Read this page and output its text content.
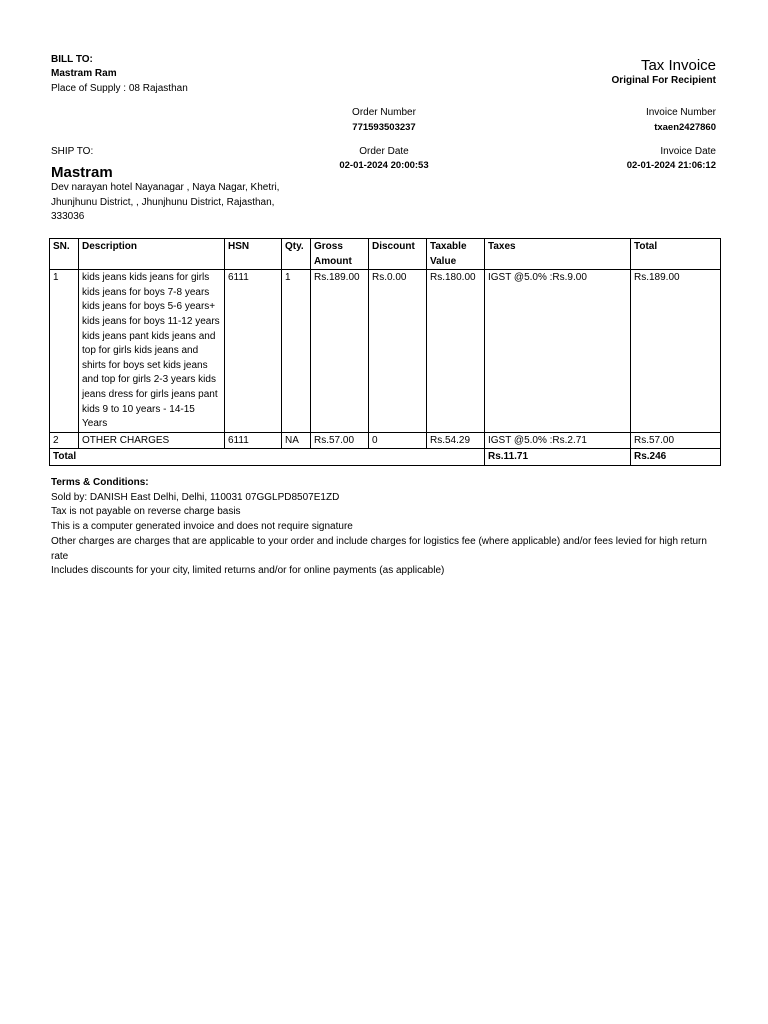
BILL TO:
Mastram Ram
Place of Supply : 08 Rajasthan
Tax Invoice
Original For Recipient
Order Number
771593503237
Invoice Number
txaen2427860
SHIP TO:	Order Date
02-01-2024 20:00:53
Invoice Date
02-01-2024 21:06:12
Mastram
Dev narayan hotel Nayanagar , Naya Nagar, Khetri, Jhunjhunu District, , Jhunjhunu District, Rajasthan, 333036
SN.	Description	HSN	Qty.	Gross Amount	Discount	Taxable Value	Taxes	Total
1	kids jeans kids jeans for girls kids jeans for boys 7-8 years kids jeans for boys 5-6 years+ kids jeans for boys 11-12 years kids jeans pant kids jeans and top for girls kids jeans and shirts for boys set kids jeans and top for girls 2-3 years kids jeans dress for girls jeans pant kids 9 to 10 years - 14-15 Years	6111	1	Rs.189.00	Rs.0.00	Rs.180.00	IGST @5.0% :Rs.9.00	Rs.189.00
2	OTHER CHARGES	6111	NA	Rs.57.00	0	Rs.54.29	IGST @5.0% :Rs.2.71	Rs.57.00
Total							Rs.11.71	Rs.246
Terms & Conditions:
Sold by: DANISH East Delhi, Delhi, 110031 07GGLPD8507E1ZD
Tax is not payable on reverse charge basis
This is a computer generated invoice and does not require signature
Other charges are charges that are applicable to your order and include charges for logistics fee (where applicable) and/or fees levied for high return rate
Includes discounts for your city, limited returns and/or for online payments (as applicable)
